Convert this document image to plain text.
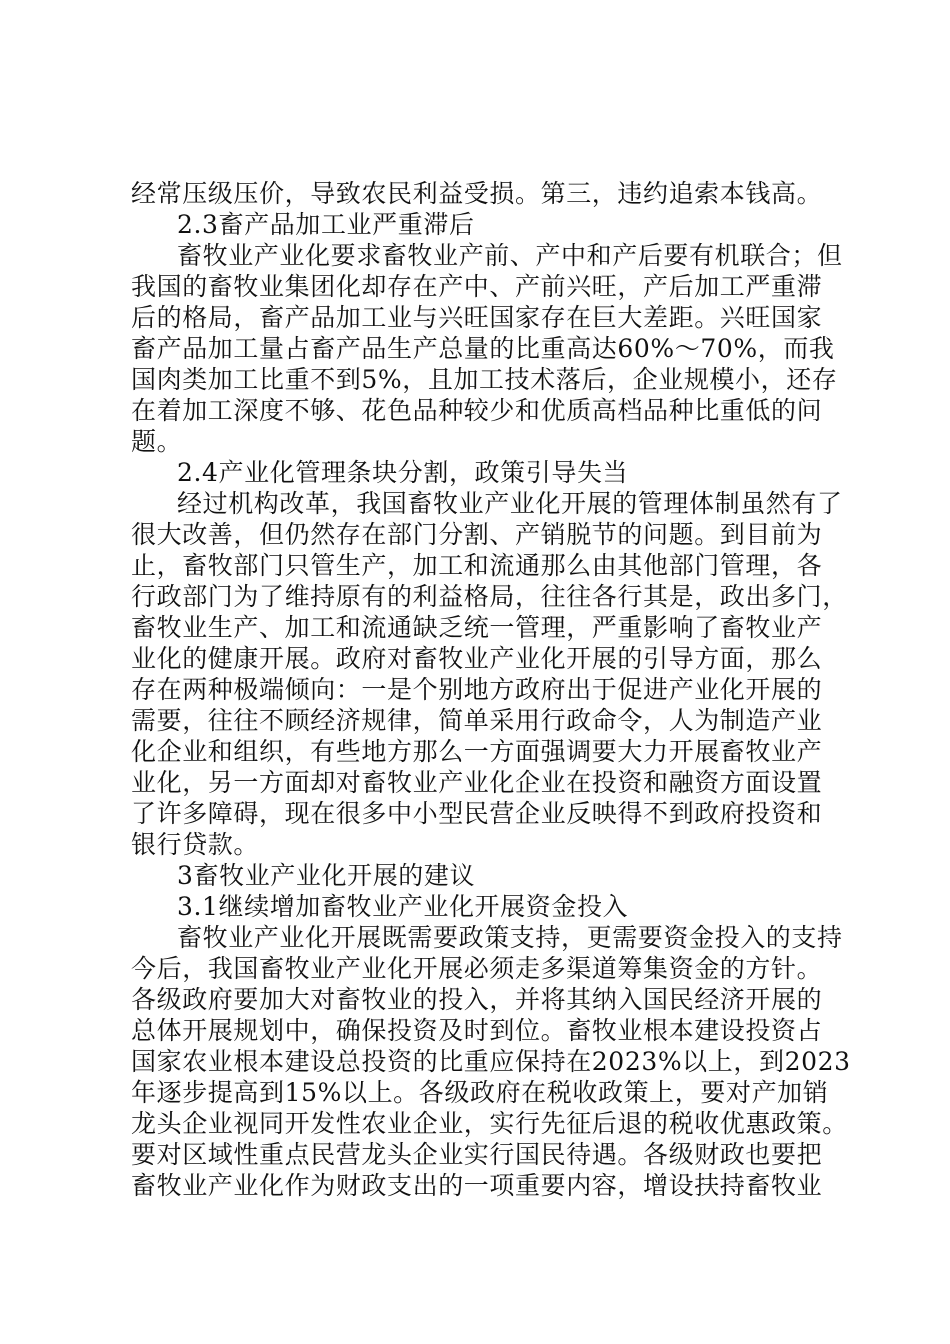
经常压级压价，导致农民利益受损。第三，违约追索本钱高。
2.3畜产品加工业严重滞后
畜牧业产业化要求畜牧业产前、产中和产后要有机联合；但
我国的畜牧业集团化却存在产中、产前兴旺，产后加工严重滞
后的格局，畜产品加工业与兴旺国家存在巨大差距。兴旺国家
畜产品加工量占畜产品生产总量的比重高达60%～70%，而我
国肉类加工比重不到5%，且加工技术落后，企业规模小，还存
在着加工深度不够、花色品种较少和优质高档品种比重低的问
题。
2.4产业化管理条块分割，政策引导失当
经过机构改革，我国畜牧业产业化开展的管理体制虽然有了
很大改善，但仍然存在部门分割、产销脱节的问题。到目前为
止，畜牧部门只管生产，加工和流通那么由其他部门管理，各
行政部门为了维持原有的利益格局，往往各行其是，政出多门，
畜牧业生产、加工和流通缺乏统一管理，严重影响了畜牧业产
业化的健康开展。政府对畜牧业产业化开展的引导方面，那么
存在两种极端倾向：一是个别地方政府出于促进产业化开展的
需要，往往不顾经济规律，简单采用行政命令，人为制造产业
化企业和组织，有些地方那么一方面强调要大力开展畜牧业产
业化，另一方面却对畜牧业产业化企业在投资和融资方面设置
了许多障碍，现在很多中小型民营企业反映得不到政府投资和
银行贷款。
3畜牧业产业化开展的建议
3.1继续增加畜牧业产业化开展资金投入
畜牧业产业化开展既需要政策支持，更需要资金投入的支持
今后，我国畜牧业产业化开展必须走多渠道筹集资金的方针。
各级政府要加大对畜牧业的投入，并将其纳入国民经济开展的
总体开展规划中，确保投资及时到位。畜牧业根本建设投资占
国家农业根本建设总投资的比重应保持在2023%以上，到2023
年逐步提高到15%以上。各级政府在税收政策上，要对产加销
龙头企业视同开发性农业企业，实行先征后退的税收优惠政策。
要对区域性重点民营龙头企业实行国民待遇。各级财政也要把
畜牧业产业化作为财政支出的一项重要内容，增设扶持畜牧业
